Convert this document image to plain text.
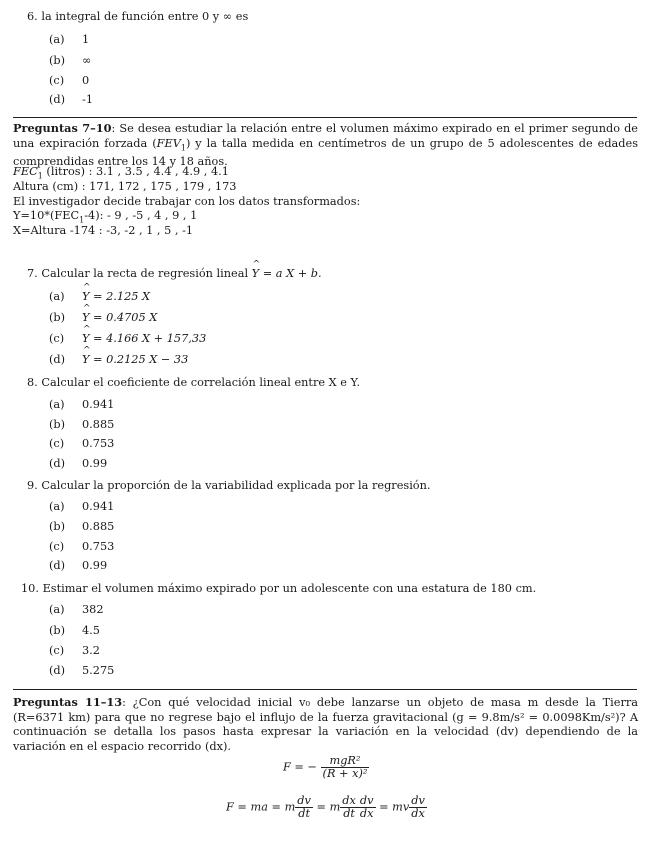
6. la integral de función entre 0 y ∞ es
(a) 1
(b) ∞
(c) 0
(d) -1
Preguntas 7–10: Se desea estudiar la relación entre el volumen máximo expirado en el primer segundo de una expiración forzada $(FEV_1)$ y la talla medida en centímetros de un grupo de 5 adolescentes de edades comprendidas entre los 14 y 18 años.
$FEC_1$ (litros) : 3.1 , 3.5 , 4.4 , 4.9 , 4.1
Altura (cm) : 171, 172 , 175 , 179 , 173
El investigador decide trabajar con los datos transformados:
$Y=10*(FEC_1-4)$: - 9 , -5 , 4 , 9 , 1
X=Altura -174 : -3, -2 , 1 , 5 , -1
7. Calcular la recta de regresión lineal ^ Y = a X + b.
(a) ^ Y = 2.125 X
(b) ^ Y = 0.4705 X
(c) ^ Y = 4.166 X + 157,33
(d) ^ Y = 0.2125 X − 33
8. Calcular el coeficiente de correlación lineal entre X e Y.
(a) 0.941
(b) 0.885
(c) 0.753
(d) 0.99
9. Calcular la proporción de la variabilidad explicada por la regresión.
(a) 0.941
(b) 0.885
(c) 0.753
(d) 0.99
10. Estimar el volumen máximo expirado por un adolescente con una estatura de 180 cm.
(a) 382
(b) 4.5
(c) 3.2
(d) 5.275
Preguntas 11–13: ¿Con qué velocidad inicial v₀ debe lanzarse un objeto de masa m desde la Tierra (R=6371 km) para que no regrese bajo el influjo de la fuerza gravitacional (g = 9.8m/s² = 0.0098Km/s²)? A continuación se detalla los pasos hasta expresar la variación en la velocidad (dv) dependiendo de la variación en el espacio recorrido (dx).
F = − $\frac{\text{mgR²}}{\text{(R + x)²}}$
F = ma = m $\frac{dv}{dt} = m \frac{dx}{dt} \frac{dv}{dx}$ = mv $\frac{dv}{dx}$
